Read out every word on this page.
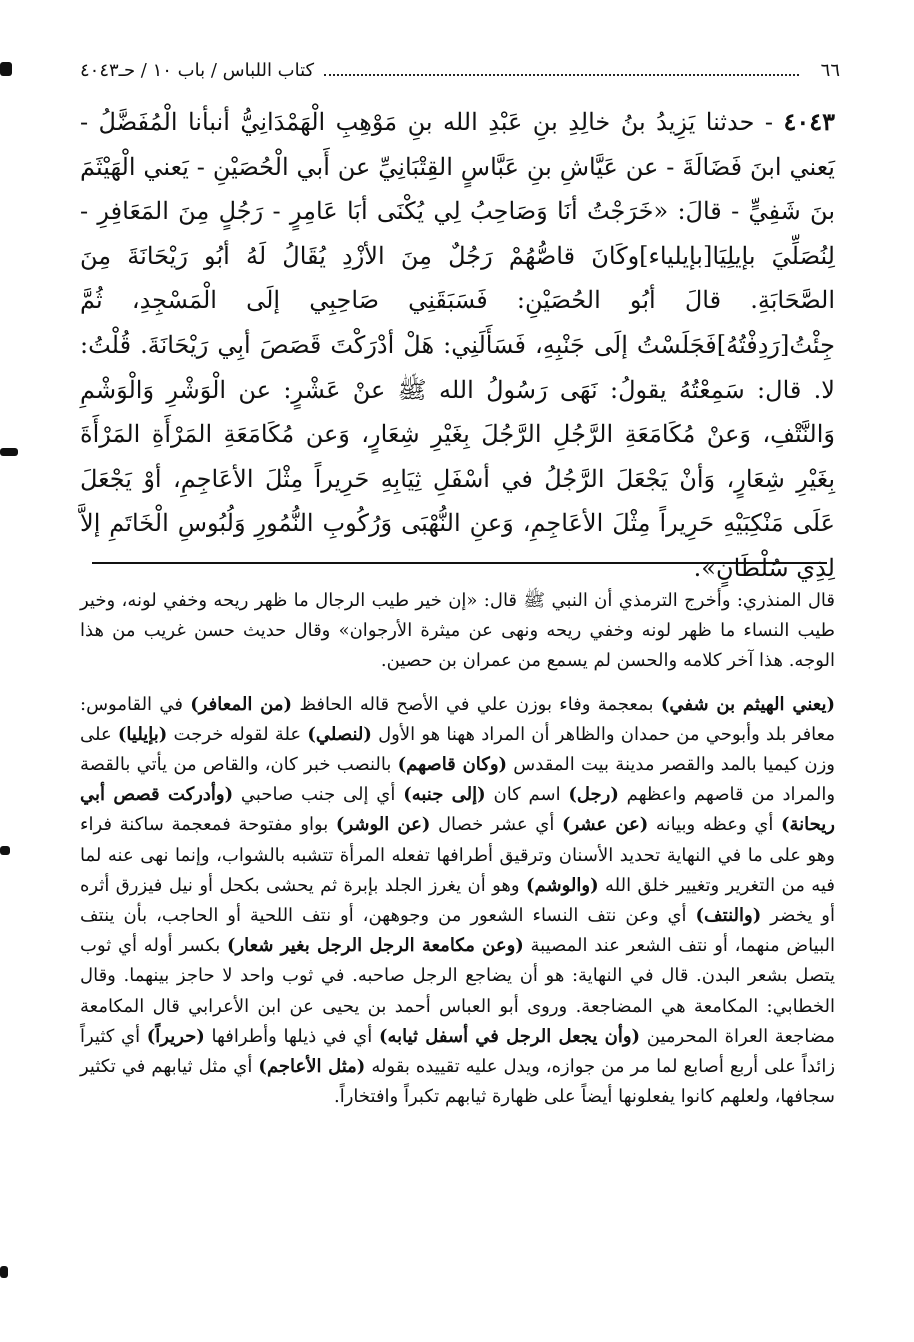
٦٦
كتاب اللباس / باب ١٠ / حـ٤٠٤٣
٤٠٤٣ - حدثنا يَزِيدُ بنُ خالِدِ بنِ عَبْدِ الله بنِ مَوْهِبِ الْهَمْدَانِيُّ أنبأنا الْمُفَضَّلُ - يَعني ابنَ فَضَالَةَ - عن عَيَّاشِ بنِ عَبَّاسٍ القِتْبَانِيِّ عن أَبي الْحُصَيْنِ - يَعني الْهَيْثَمَ بنَ شَفِيٍّ - قالَ: «خَرَجْتُ أنَا وَصَاحِبُ لِي يُكْنَى أبَا عَامِرٍ - رَجُلٍ مِنَ المَعَافِرِ - لِنُصَلِّيَ بإيلِيَا[بإيلياء]وكَانَ قاصُّهُمْ رَجُلٌ مِنَ الأزْدِ يُقَالُ لَهُ أبُو رَيْحَانَةَ مِنَ الصَّحَابَةِ. قالَ أبُو الحُصَيْنِ: فَسَبَقَنِي صَاحِبِي إلَى الْمَسْجِدِ، ثُمَّ جِئْتُ[رَدِفْتُهُ]فَجَلَسْتُ إلَى جَنْبِهِ، فَسَأَلَنِي: هَلْ أدْرَكْتَ قَصَصَ أبِي رَيْحَانَةَ. قُلْتُ: لا. قال: سَمِعْتُهُ يقولُ: نَهَى رَسُولُ الله ﷺ عنْ عَشْرٍ: عن الْوَشْرِ وَالْوَشْمِ وَالنَّتْفِ، وَعنْ مُكَامَعَةِ الرَّجُلِ الرَّجُلَ بِغَيْرِ شِعَارٍ، وَعن مُكَامَعَةِ المَرْأَةِ المَرْأَةَ بِغَيْرِ شِعَارٍ، وَأنْ يَجْعَلَ الرَّجُلُ في أسْفَلِ ثِيَابِهِ حَرِيراً مِثْلَ الأعَاجِمِ، أوْ يَجْعَلَ عَلَى مَنْكِبَيْهِ حَرِيراً مِثْلَ الأعَاجِمِ، وَعنِ النُّهْبَى وَرُكُوبِ النُّمُورِ وَلُبُوسِ الْخَاتَمِ إلاَّ لِذِي سُلْطَانٍ».

قال المنذري: وأخرج الترمذي أن النبي ﷺ قال: «إن خير طيب الرجال ما ظهر ريحه وخفي لونه، وخير طيب النساء ما ظهر لونه وخفي ريحه ونهى عن ميثرة الأرجوان» وقال حديث حسن غريب من هذا الوجه. هذا آخر كلامه والحسن لم يسمع من عمران بن حصين.

(يعني الهيثم بن شفي) بمعجمة وفاء بوزن علي في الأصح قاله الحافظ (من المعافر) في القاموس: معافر بلد وأبوحي من حمدان والظاهر أن المراد ههنا هو الأول (لنصلي) علة لقوله خرجت (بإيليا) على وزن كيميا بالمد والقصر مدينة بيت المقدس (وكان قاصهم) بالنصب خبر كان، والقاص من يأتي بالقصة والمراد من قاصهم واعظهم (رجل) اسم كان (إلى جنبه) أي إلى جنب صاحبي (وأدركت قصص أبي ريحانة) أي وعظه وبيانه (عن عشر) أي عشر خصال (عن الوشر) بواو مفتوحة فمعجمة ساكنة فراء وهو على ما في النهاية تحديد الأسنان وترقيق أطرافها تفعله المرأة تتشبه بالشواب، وإنما نهى عنه لما فيه من التغرير وتغيير خلق الله (والوشم) وهو أن يغرز الجلد بإبرة ثم يحشى بكحل أو نيل فيزرق أثره أو يخضر (والنتف) أي وعن نتف النساء الشعور من وجوههن، أو نتف اللحية أو الحاجب، بأن ينتف البياض منهما، أو نتف الشعر عند المصيبة (وعن مكامعة الرجل الرجل بغير شعار) بكسر أوله أي ثوب يتصل بشعر البدن. قال في النهاية: هو أن يضاجع الرجل صاحبه. في ثوب واحد لا حاجز بينهما. وقال الخطابي: المكامعة هي المضاجعة. وروى أبو العباس أحمد بن يحيى عن ابن الأعرابي قال المكامعة مضاجعة العراة المحرمين (وأن يجعل الرجل في أسفل ثيابه) أي في ذيلها وأطرافها (حريراً) أي كثيراً زائداً على أربع أصابع لما مر من جوازه، ويدل عليه تقييده بقوله (مثل الأعاجم) أي مثل ثيابهم في تكثير سجافها، ولعلهم كانوا يفعلونها أيضاً على ظهارة ثيابهم تكبراً وافتخاراً.
